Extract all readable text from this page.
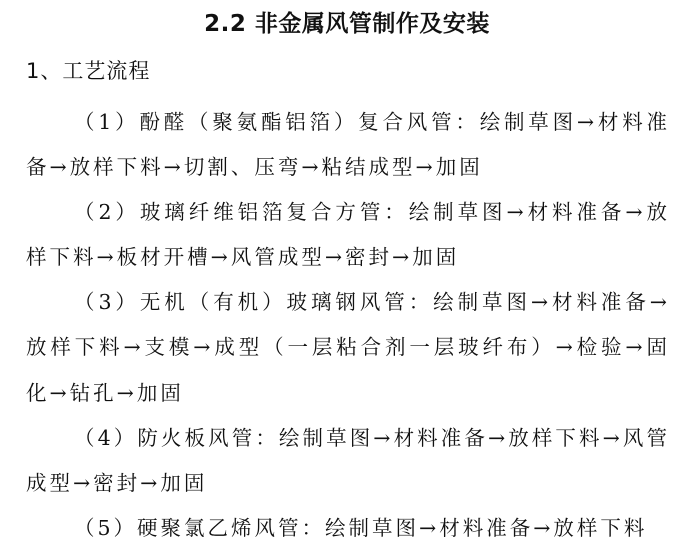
2.2 非金属风管制作及安装
1、工艺流程

（1）酚醛（聚氨酯铝箔）复合风管：绘制草图→材料准备→放样下料→切割、压弯→粘结成型→加固

（2）玻璃纤维铝箔复合方管：绘制草图→材料准备→放样下料→板材开槽→风管成型→密封→加固

（3）无机（有机）玻璃钢风管：绘制草图→材料准备→放样下料→支模→成型（一层粘合剂一层玻纤布）→检验→固化→钻孔→加固

（4）防火板风管：绘制草图→材料准备→放样下料→风管成型→密封→加固

（5）硬聚氯乙烯风管：绘制草图→材料准备→放样下料
